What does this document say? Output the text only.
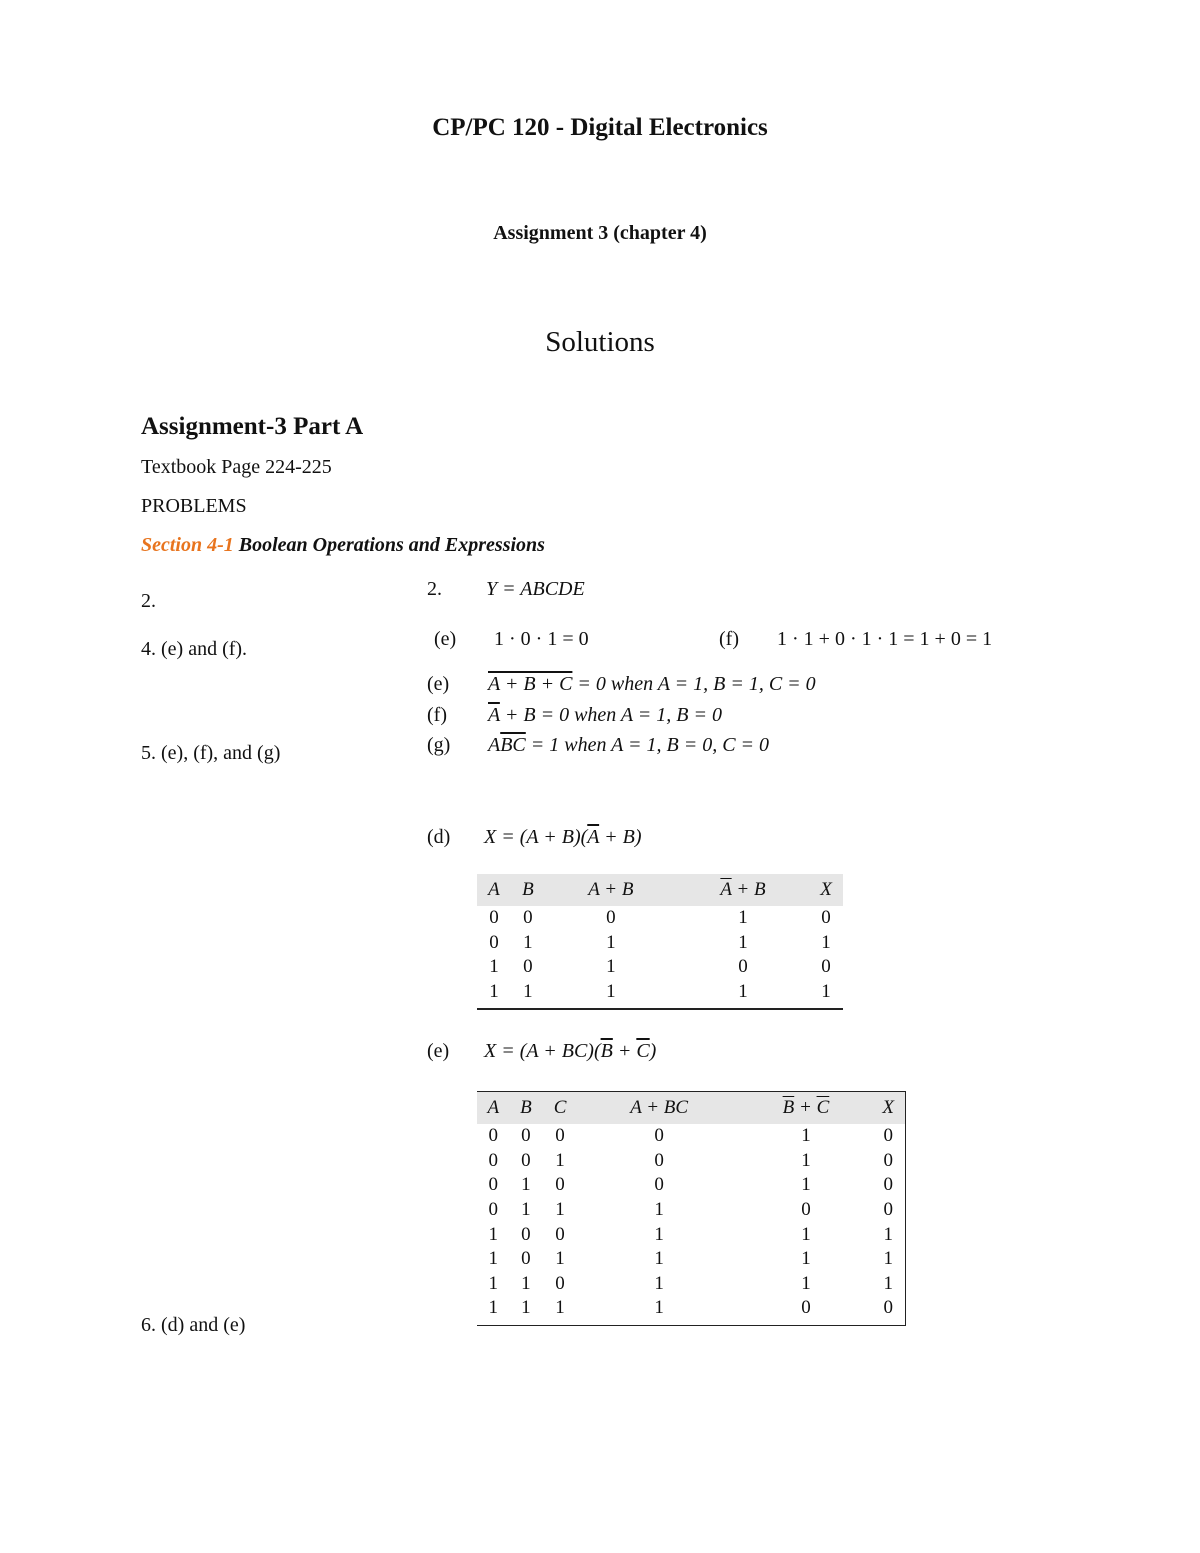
CP/PC 120 - Digital Electronics
Assignment 3 (chapter 4)
Solutions
Assignment-3 Part A
Textbook Page 224-225
PROBLEMS
Section 4-1 Boolean Operations and Expressions
2.
4. (e) and (f).
5. (e), (f), and (g)
6. (d) and (e)
2. Y = ABCDE
(e) 1 · 0 · 1 = 0	(f) 1 · 1 + 0 · 1 · 1 = 1 + 0 = 1
(e) A + B + C = 0 when A = 1, B = 1, C = 0
(f) $\overline{A} + B = 0$ when A = 1, B = 0
(g) $A\overline{BC} = 1$ when A = 1, B = 0, C = 0
(d) $X = (A + B)(\overline{A} + B)$
A	B	A + B	$\overline{A} + B$	X
0	0	0	1	0
0	1	1	1	1
1	0	1	0	0
1	1	1	1	1
(e) $X = (A + BC)(\overline{B} + \overline{C})$
A	B	C	A + BC	$\overline{B} + \overline{C}$	X
0	0	0	0	1	0
0	0	1	0	1	0
0	1	0	0	1	0
0	1	1	1	0	0
1	0	0	1	1	1
1	0	1	1	1	1
1	1	0	1	1	1
1	1	1	1	0	0
